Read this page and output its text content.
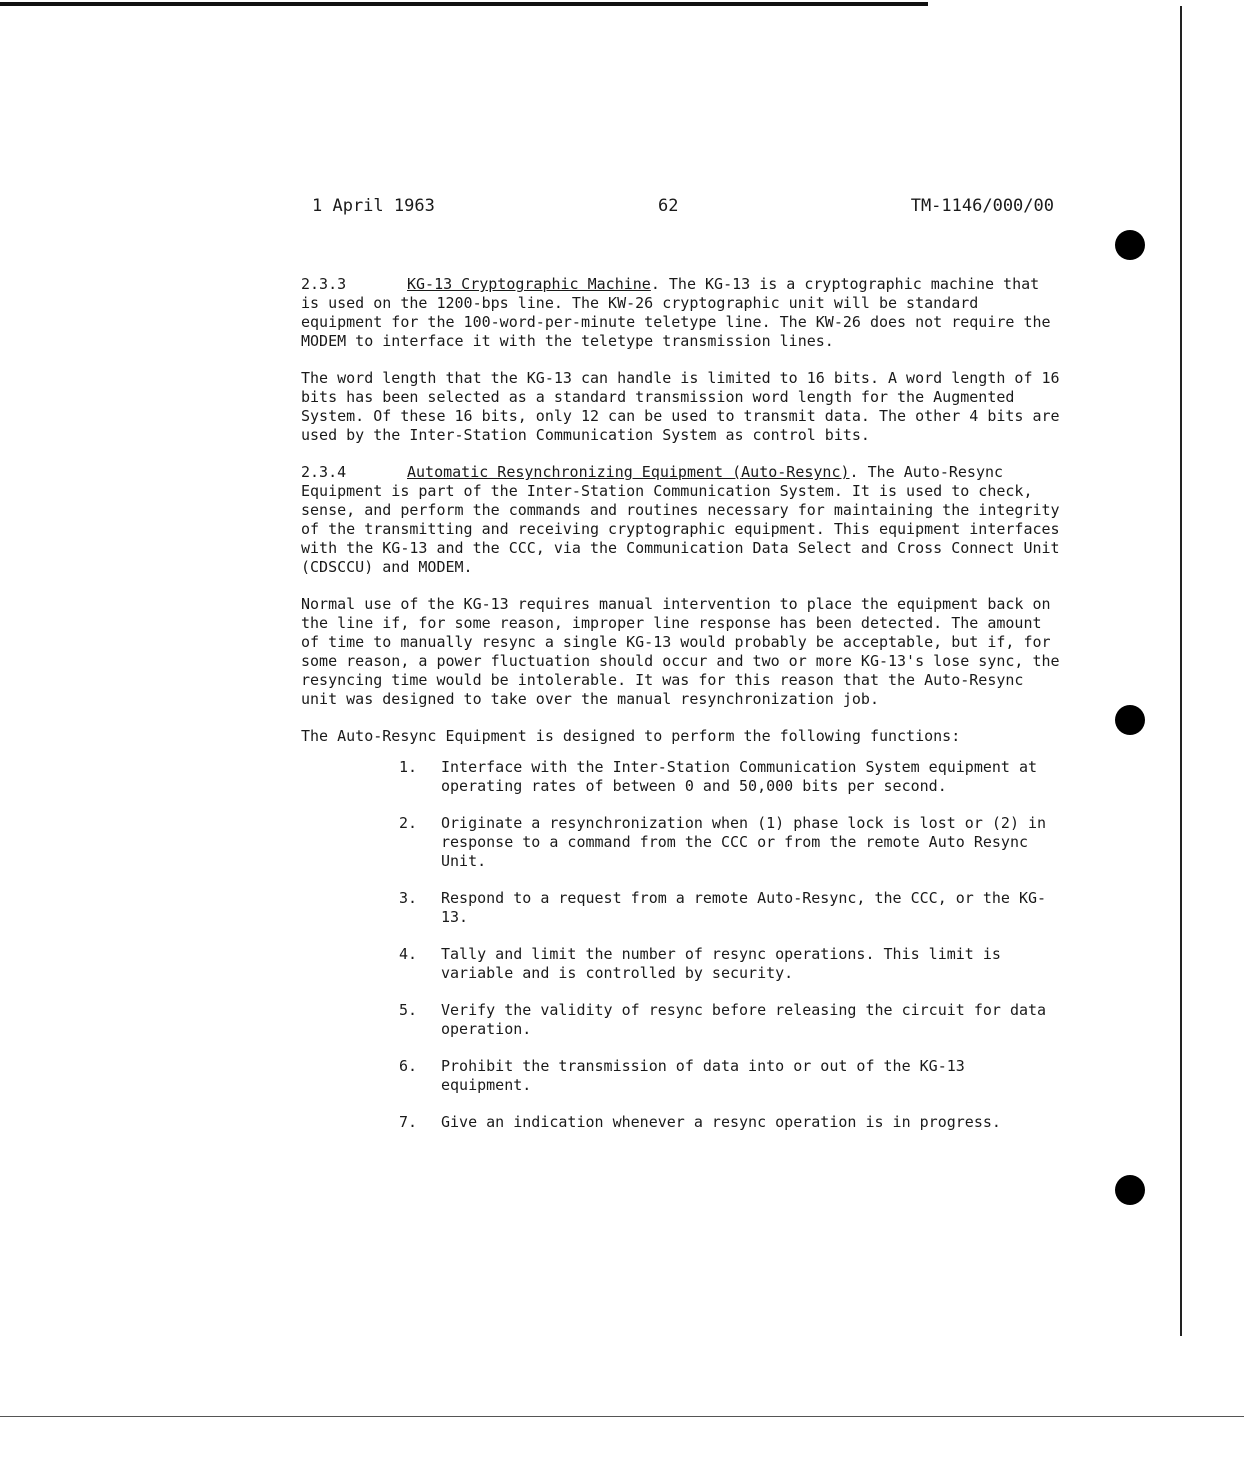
1 April 1963	62	TM-1146/000/00

2.3.3	KG-13 Cryptographic Machine. The KG-13 is a cryptographic machine that is used on the 1200-bps line. The KW-26 cryptographic unit will be standard equipment for the 100-word-per-minute teletype line. The KW-26 does not require the MODEM to interface it with the teletype transmission lines.

The word length that the KG-13 can handle is limited to 16 bits. A word length of 16 bits has been selected as a standard transmission word length for the Augmented System. Of these 16 bits, only 12 can be used to transmit data. The other 4 bits are used by the Inter-Station Communication System as control bits.

2.3.4	Automatic Resynchronizing Equipment (Auto-Resync). The Auto-Resync Equipment is part of the Inter-Station Communication System. It is used to check, sense, and perform the commands and routines necessary for maintaining the integrity of the transmitting and receiving cryptographic equipment. This equipment interfaces with the KG-13 and the CCC, via the Communication Data Select and Cross Connect Unit (CDSCCU) and MODEM.

Normal use of the KG-13 requires manual intervention to place the equipment back on the line if, for some reason, improper line response has been detected. The amount of time to manually resync a single KG-13 would probably be acceptable, but if, for some reason, a power fluctuation should occur and two or more KG-13's lose sync, the resyncing time would be intolerable. It was for this reason that the Auto-Resync unit was designed to take over the manual resynchronization job.

The Auto-Resync Equipment is designed to perform the following functions:

1. Interface with the Inter-Station Communication System equipment at operating rates of between 0 and 50,000 bits per second.
2. Originate a resynchronization when (1) phase lock is lost or (2) in response to a command from the CCC or from the remote Auto Resync Unit.
3. Respond to a request from a remote Auto-Resync, the CCC, or the KG-13.
4. Tally and limit the number of resync operations. This limit is variable and is controlled by security.
5. Verify the validity of resync before releasing the circuit for data operation.
6. Prohibit the transmission of data into or out of the KG-13 equipment.
7. Give an indication whenever a resync operation is in progress.
